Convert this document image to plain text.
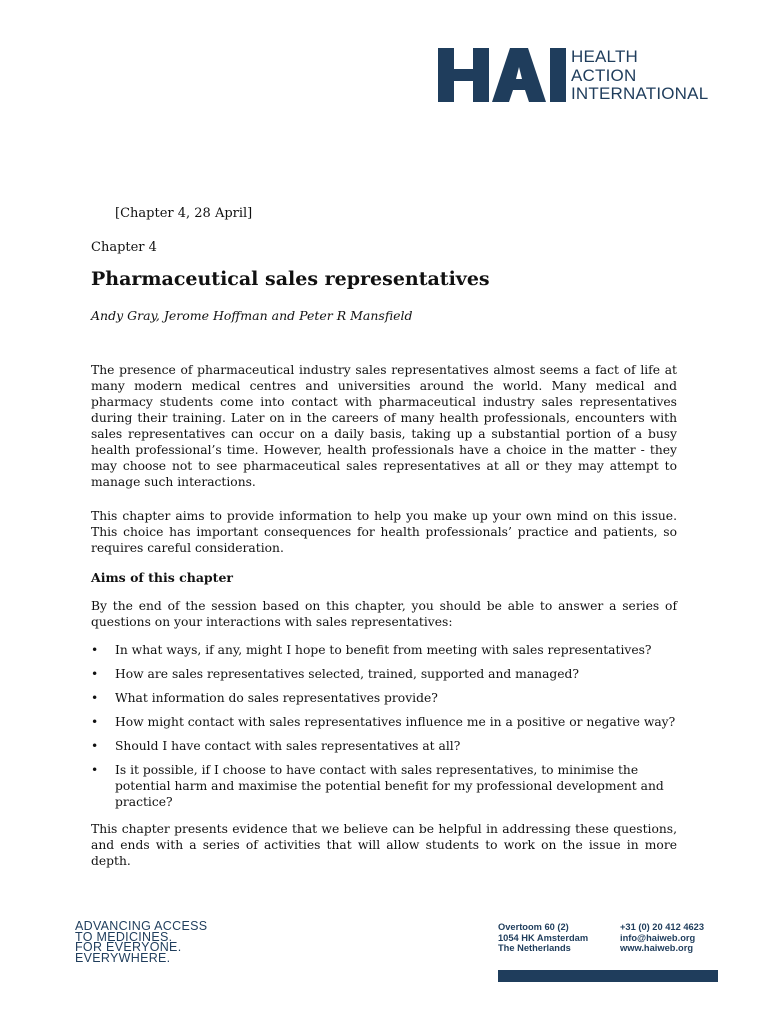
HEALTH
ACTION
INTERNATIONAL
[Chapter 4, 28 April]
Chapter 4
Pharmaceutical sales representatives
Andy Gray, Jerome Hoffman and Peter R Mansfield

The presence of pharmaceutical industry sales representatives almost seems a fact of life at many modern medical centres and universities around the world. Many medical and pharmacy students come into contact with pharmaceutical industry sales representatives during their training. Later on in the careers of many health professionals, encounters with sales representatives can occur on a daily basis, taking up a substantial portion of a busy health professional’s time. However, health professionals have a choice in the matter - they may choose not to see pharmaceutical sales representatives at all or they may attempt to manage such interactions.

This chapter aims to provide information to help you make up your own mind on this issue. This choice has important consequences for health professionals’ practice and patients, so requires careful consideration.

Aims of this chapter

By the end of the session based on this chapter, you should be able to answer a series of questions on your interactions with sales representatives:

• In what ways, if any, might I hope to benefit from meeting with sales representatives?
• How are sales representatives selected, trained, supported and managed?
• What information do sales representatives provide?
• How might contact with sales representatives influence me in a positive or negative way?
• Should I have contact with sales representatives at all?
• Is it possible, if I choose to have contact with sales representatives, to minimise the potential harm and maximise the potential benefit for my professional development and practice?

This chapter presents evidence that we believe can be helpful in addressing these questions, and ends with a series of activities that will allow students to work on the issue in more depth.

ADVANCING ACCESS
TO MEDICINES.
FOR EVERYONE.
EVERYWHERE.
Overtoom 60 (2)
1054 HK Amsterdam
The Netherlands
+31 (0) 20 412 4623
info@haiweb.org
www.haiweb.org
